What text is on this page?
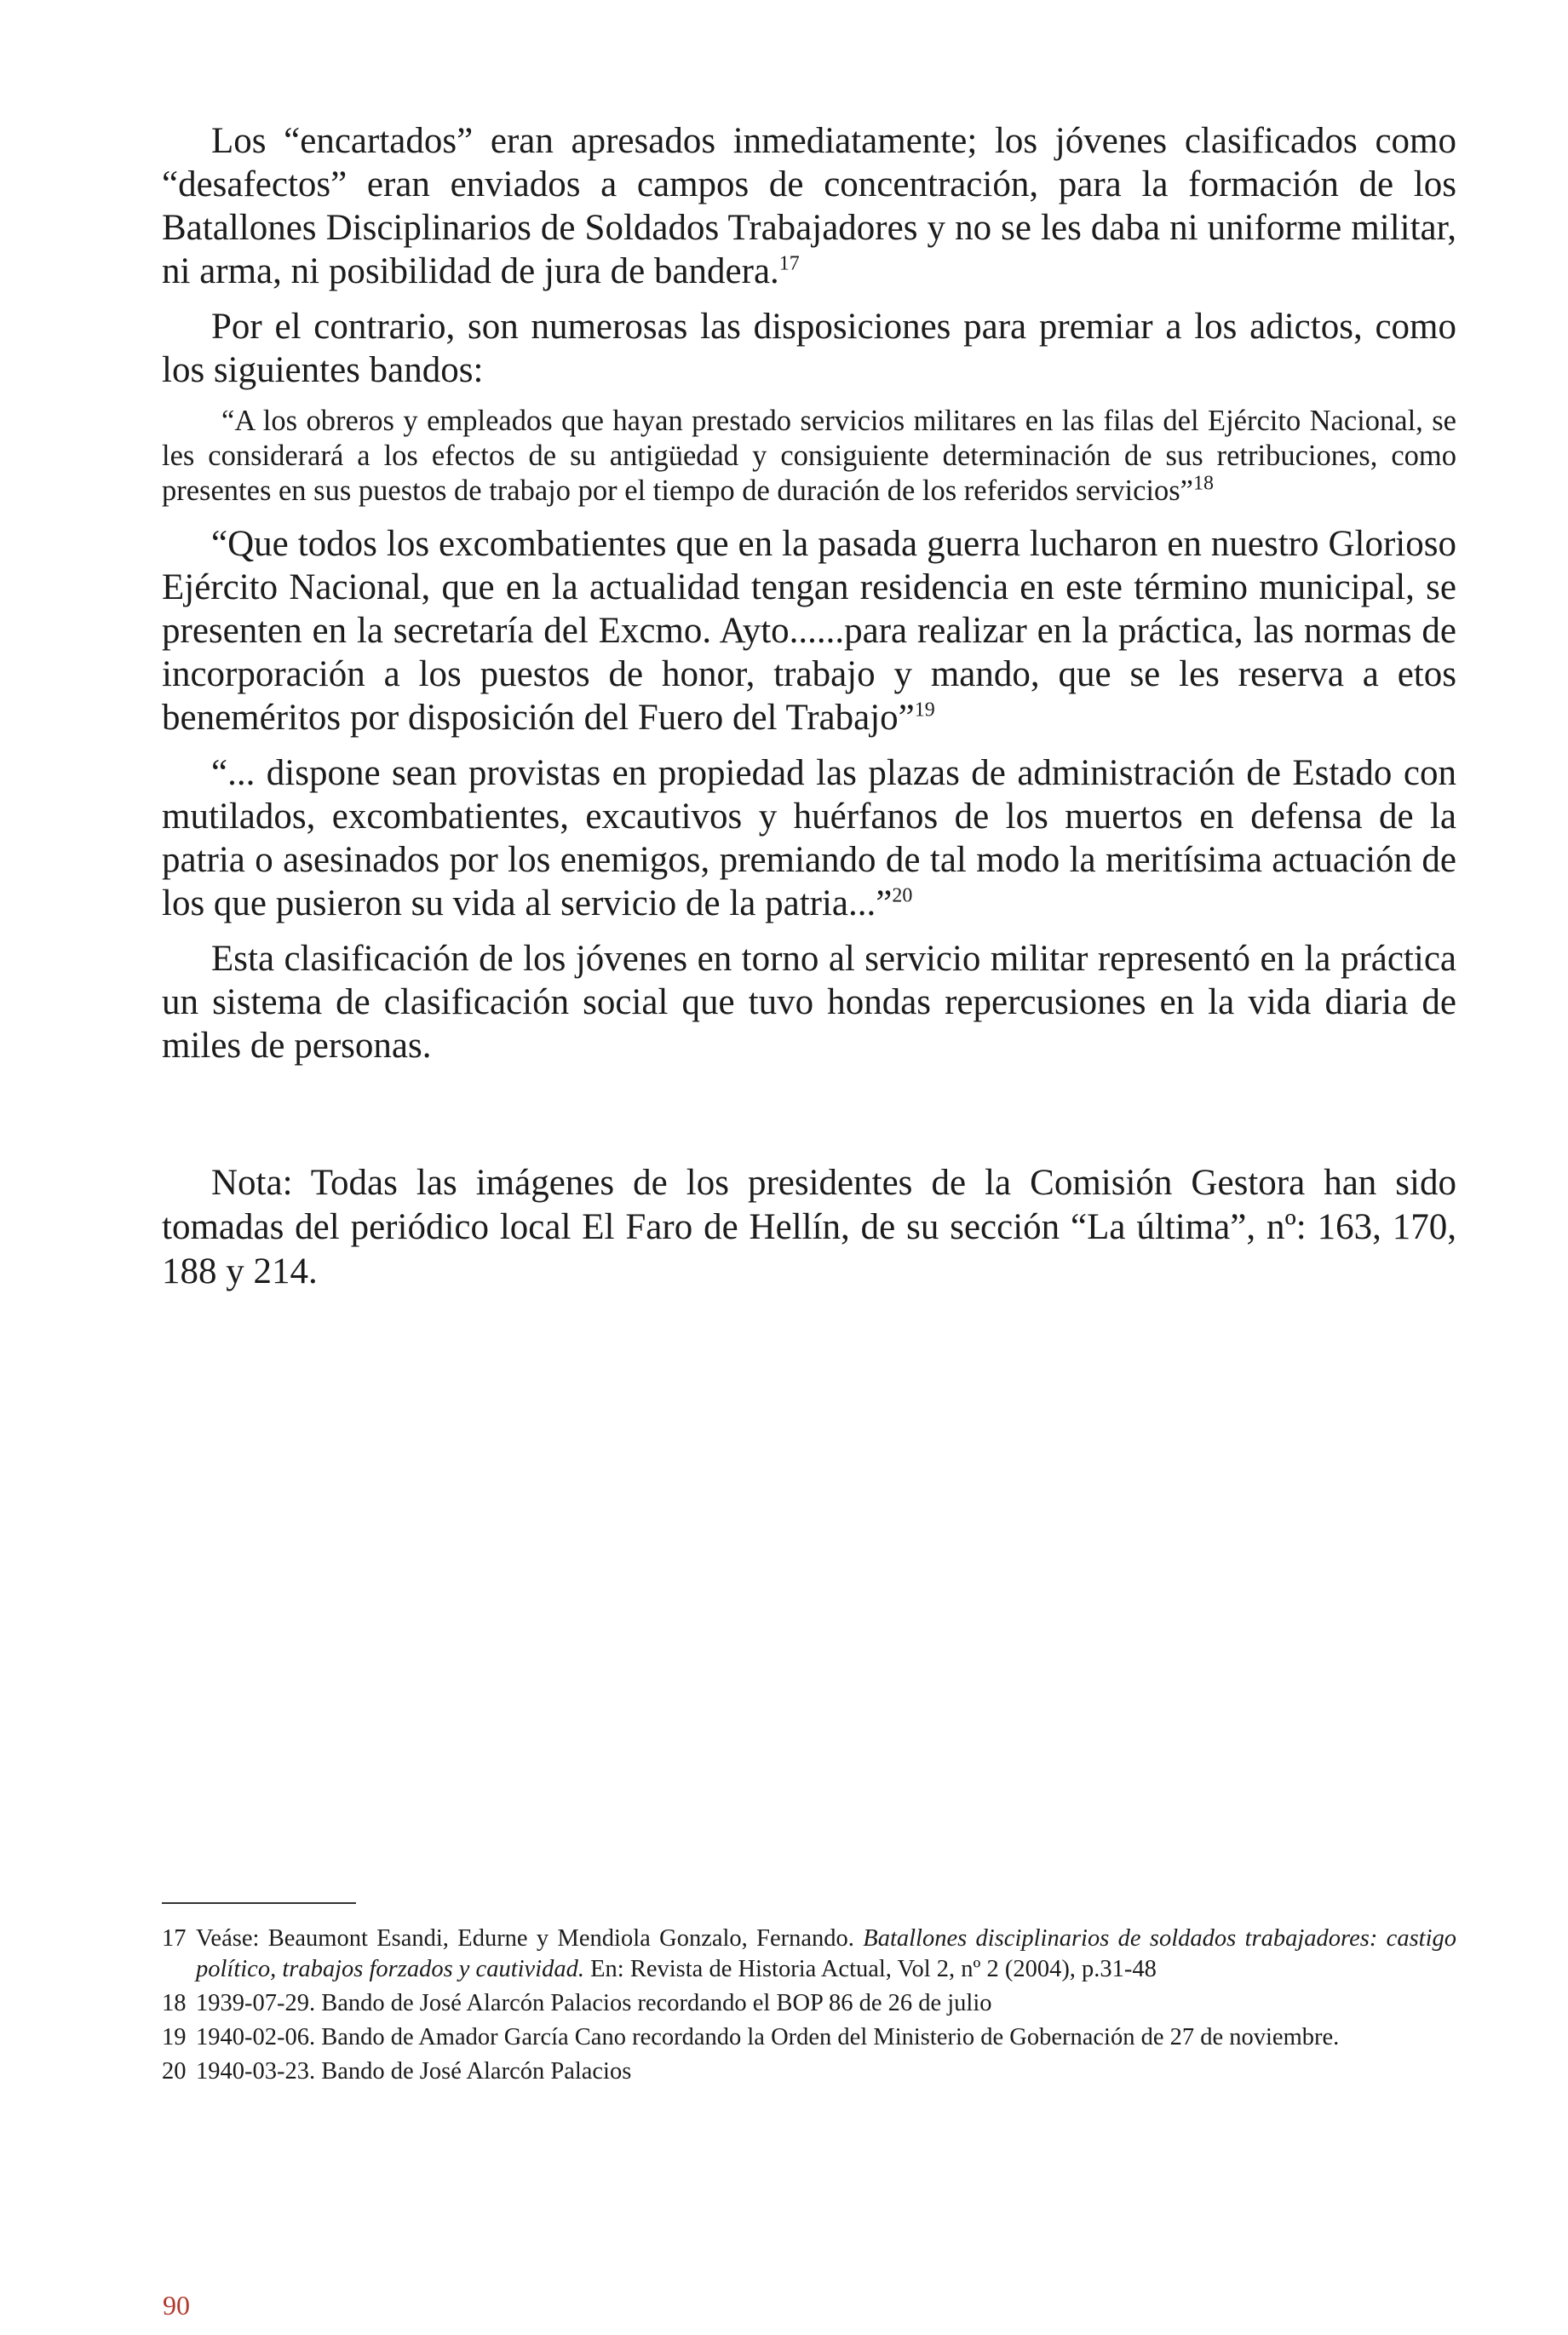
Los “encartados” eran apresados inmediatamente; los jóvenes clasificados como “desafectos” eran enviados a campos de concentración, para la formación de los Batallones Disciplinarios de Soldados Trabajadores y no se les daba ni uniforme militar, ni arma, ni posibilidad de jura de bandera.$^{17}$

Por el contrario, son numerosas las disposiciones para premiar a los adictos, como los siguientes bandos:

“A los obreros y empleados que hayan prestado servicios militares en las filas del Ejército Nacional, se les considerará a los efectos de su antigüedad y consiguiente determinación de sus retribuciones, como presentes en sus puestos de trabajo por el tiempo de duración de los referidos servicios”$^{18}$

“Que todos los excombatientes que en la pasada guerra lucharon en nuestro Glorioso Ejército Nacional, que en la actualidad tengan residencia en este término municipal, se presenten en la secretaría del Excmo. Ayto......para realizar en la práctica, las normas de incorporación a los puestos de honor, trabajo y mando, que se les reserva a etos beneméritos por disposición del Fuero del Trabajo”$^{19}$

“... dispone sean provistas en propiedad las plazas de administración de Estado con mutilados, excombatientes, excautivos y huérfanos de los muertos en defensa de la patria o asesinados por los enemigos, premiando de tal modo la meritísima actuación de los que pusieron su vida al servicio de la patria...”$^{20}$

Esta clasificación de los jóvenes en torno al servicio militar representó en la práctica un sistema de clasificación social que tuvo hondas repercusiones en la vida diaria de miles de personas.

Nota: Todas las imágenes de los presidentes de la Comisión Gestora han sido tomadas del periódico local El Faro de Hellín, de su sección “La última”, nº: 163, 170, 188 y 214.

17 Veáse: Beaumont Esandi, Edurne y Mendiola Gonzalo, Fernando. Batallones disciplinarios de soldados trabajadores: castigo político, trabajos forzados y cautividad. En: Revista de Historia Actual, Vol 2, nº 2 (2004), p.31-48
18 1939-07-29. Bando de José Alarcón Palacios recordando el BOP 86 de 26 de julio
19 1940-02-06. Bando de Amador García Cano recordando la Orden del Ministerio de Gobernación de 27 de noviembre.
20 1940-03-23. Bando de José Alarcón Palacios
90
